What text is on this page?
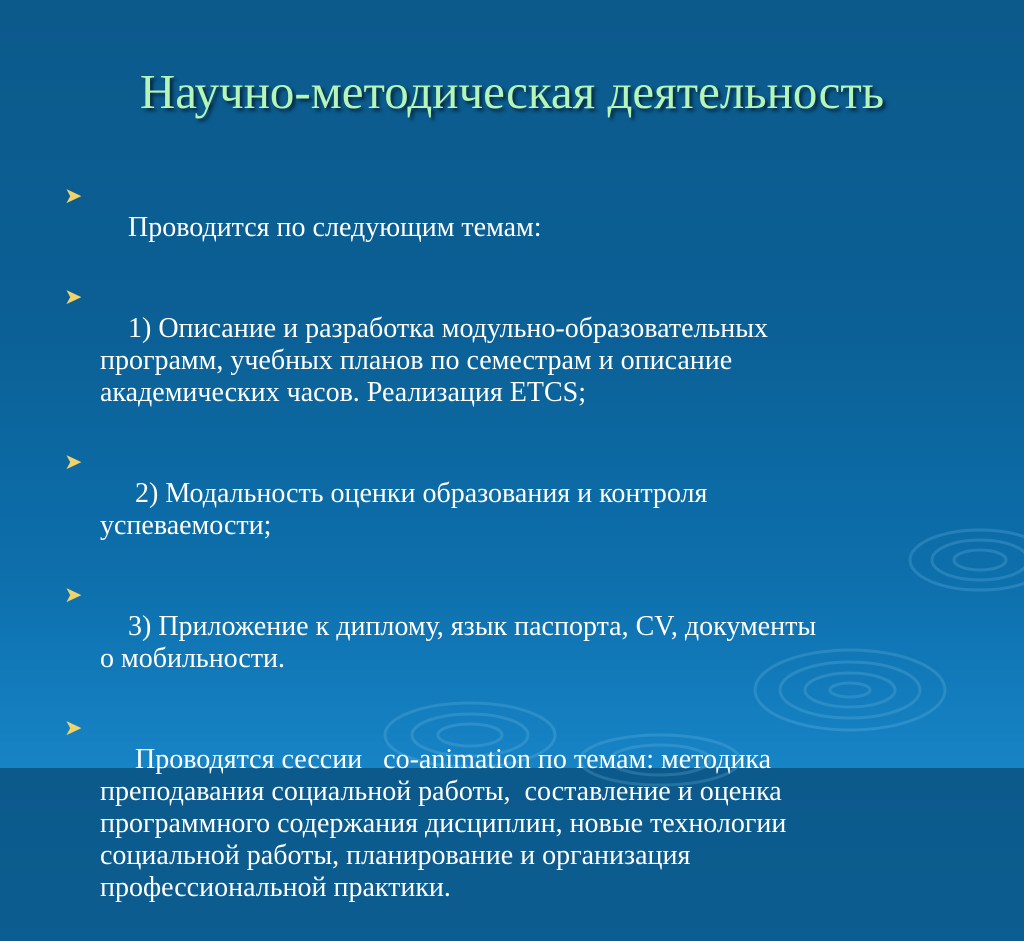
Научно-методическая деятельность

➤
Проводится по следующим темам:

➤
1) Описание и разработка модульно-образовательных
программ, учебных планов по семестрам и описание
академических часов. Реализация ETCS;

➤
2) Модальность оценки образования и контроля
успеваемости;

➤
3) Приложение к диплому, язык паспорта, CV, документы
о мобильности.

➤
Проводятся сессии   co-animation по темам: методика
преподавания социальной работы,  составление и оценка
программного содержания дисциплин, новые технологии
социальной работы, планирование и организация
профессиональной практики.
